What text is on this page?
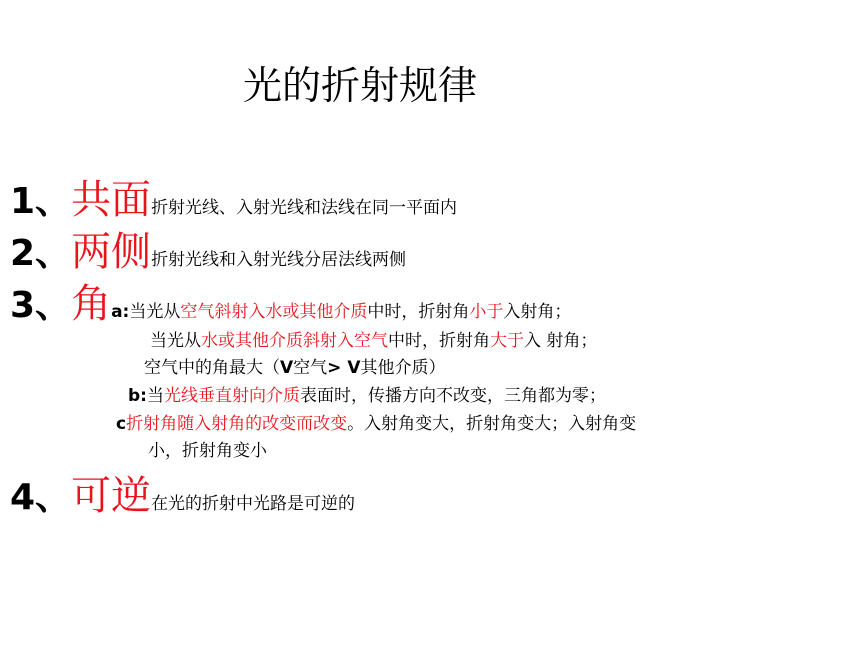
光的折射规律
1、共面折射光线、入射光线和法线在同一平面内
2、两侧折射光线和入射光线分居法线两侧
3、角a:当光从空气斜射入水或其他介质中时，折射角小于入射角；
当光从水或其他介质斜射入空气中时，折射角大于入 射角；
空气中的角最大（V空气> V其他介质）
b:当光线垂直射向介质表面时，传播方向不改变，三角都为零；
c折射角随入射角的改变而改变。入射角变大，折射角变大；入射角变
小，折射角变小
4、可逆在光的折射中光路是可逆的
